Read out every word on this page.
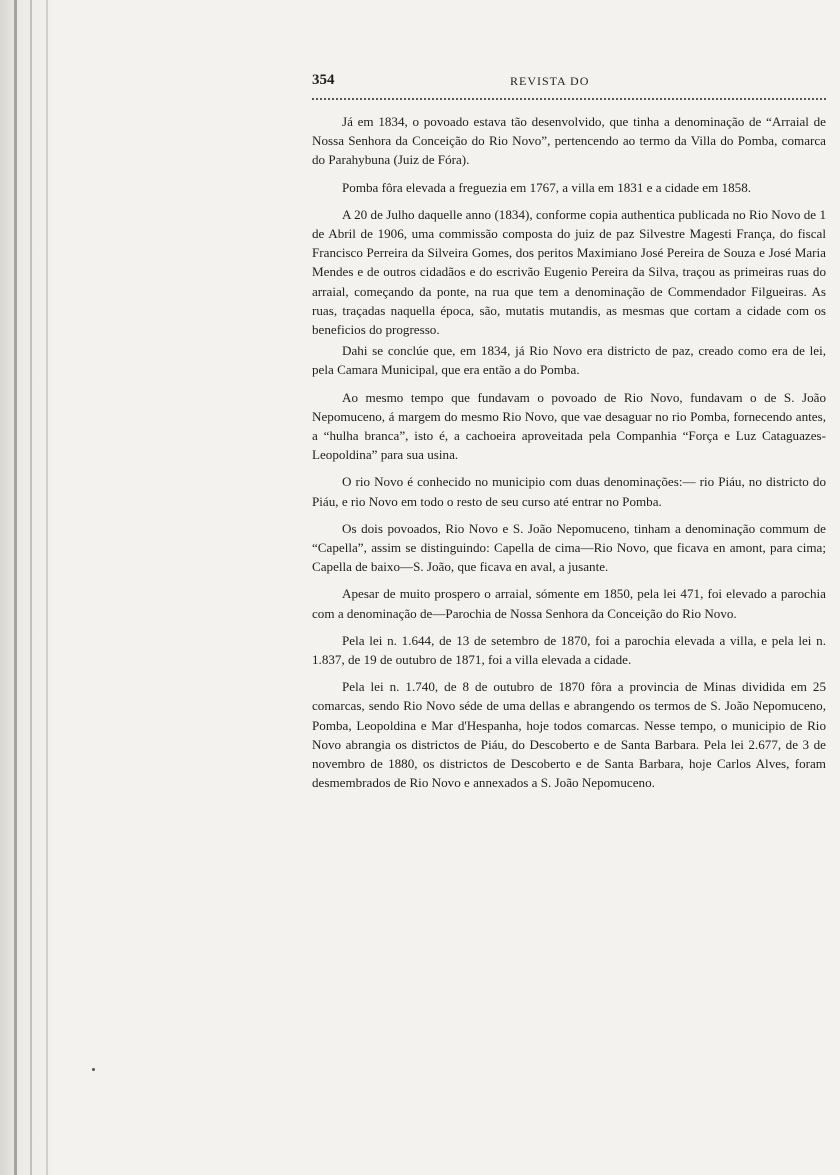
354	REVISTA DO

Já em 1834, o povoado estava tão desenvolvido, que tinha a denominação de “Arraial de Nossa Senhora da Conceição do Rio Novo”, pertencendo ao termo da Villa do Pomba, comarca do Parahybuna (Juiz de Fóra).

Pomba fôra elevada a freguezia em 1767, a villa em 1831 e a cidade em 1858.

A 20 de Julho daquelle anno (1834), conforme copia authentica publicada no Rio Novo de 1 de Abril de 1906, uma commissão composta do juiz de paz Silvestre Magesti França, do fiscal Francisco Perreira da Silveira Gomes, dos peritos Maximiano José Pereira de Souza e José Maria Mendes e de outros cidadãos e do escrivão Eugenio Pereira da Silva, traçou as primeiras ruas do arraial, começando da ponte, na rua que tem a denominação de Commendador Filgueiras. As ruas, traçadas naquella época, são, mutatis mutandis, as mesmas que cortam a cidade com os beneficios do progresso.

Dahi se conclúe que, em 1834, já Rio Novo era districto de paz, creado como era de lei, pela Camara Municipal, que era então a do Pomba.

Ao mesmo tempo que fundavam o povoado de Rio Novo, fundavam o de S. João Nepomuceno, á margem do mesmo Rio Novo, que vae desaguar no rio Pomba, fornecendo antes, a “hulha branca”, isto é, a cachoeira aproveitada pela Companhia “Força e Luz Cataguazes-Leopoldina” para sua usina.

O rio Novo é conhecido no municipio com duas denominações:— rio Piáu, no districto do Piáu, e rio Novo em todo o resto de seu curso até entrar no Pomba.

Os dois povoados, Rio Novo e S. João Nepomuceno, tinham a denominação commum de “Capella”, assim se distinguindo: Capella de cima—Rio Novo, que ficava en amont, para cima; Capella de baixo—S. João, que ficava en aval, a jusante.

Apesar de muito prospero o arraial, sómente em 1850, pela lei 471, foi elevado a parochia com a denominação de—Parochia de Nossa Senhora da Conceição do Rio Novo.

Pela lei n. 1.644, de 13 de setembro de 1870, foi a parochia elevada a villa, e pela lei n. 1.837, de 19 de outubro de 1871, foi a villa elevada a cidade.

Pela lei n. 1.740, de 8 de outubro de 1870 fôra a provincia de Minas dividida em 25 comarcas, sendo Rio Novo séde de uma dellas e abrangendo os termos de S. João Nepomuceno, Pomba, Leopoldina e Mar d'Hespanha, hoje todos comarcas. Nesse tempo, o municipio de Rio Novo abrangia os districtos de Piáu, do Descoberto e de Santa Barbara. Pela lei 2.677, de 3 de novembro de 1880, os districtos de Descoberto e de Santa Barbara, hoje Carlos Alves, foram desmembrados de Rio Novo e annexados a S. João Nepomuceno.
